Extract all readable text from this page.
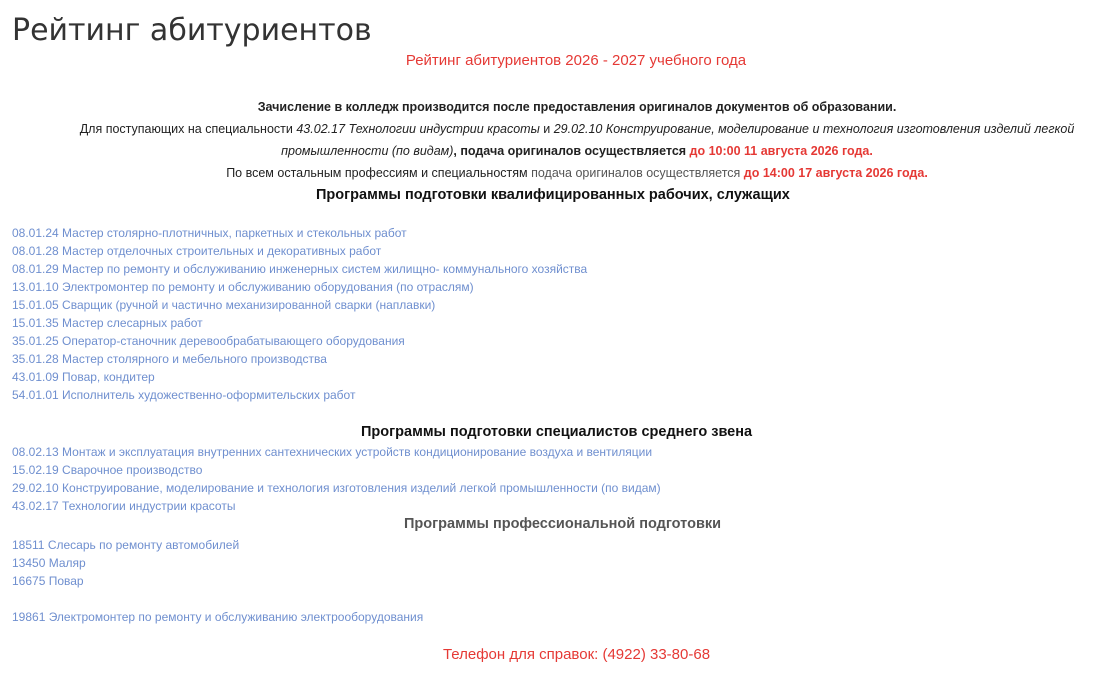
Рейтинг абитуриентов
Рейтинг абитуриентов 2026 - 2027 учебного года
Зачисление в колледж производится после предоставления оригиналов документов об образовании.
Для поступающих на специальности 43.02.17 Технологии индустрии красоты и 29.02.10 Конструирование, моделирование и технология изготовления изделий легкой промышленности (по видам), подача оригиналов осуществляется до 10:00 11 августа 2026 года.
По всем остальным профессиям и специальностям подача оригиналов осуществляется до 14:00 17 августа 2026 года.
Программы подготовки квалифицированных рабочих, служащих
08.01.24 Мастер столярно-плотничных, паркетных и стекольных работ
08.01.28 Мастер отделочных строительных и декоративных работ
08.01.29 Мастер по ремонту и обслуживанию инженерных систем жилищно- коммунального хозяйства
13.01.10 Электромонтер по ремонту и обслуживанию оборудования (по отраслям)
15.01.05 Сварщик (ручной и частично механизированной сварки (наплавки)
15.01.35 Мастер слесарных работ
35.01.25 Оператор-станочник деревообрабатывающего оборудования
35.01.28 Мастер столярного и мебельного производства
43.01.09 Повар, кондитер
54.01.01 Исполнитель художественно-оформительских работ
Программы подготовки специалистов среднего звена
08.02.13 Монтаж и эксплуатация внутренних сантехнических устройств кондиционирование воздуха и вентиляции
15.02.19 Сварочное производство
29.02.10 Конструирование, моделирование и технология изготовления изделий легкой промышленности (по видам)
43.02.17 Технологии индустрии красоты
Программы профессиональной подготовки
18511 Слесарь по ремонту автомобилей
13450 Маляр
16675 Повар
19861 Электромонтер по ремонту и обслуживанию электрооборудования
Телефон для справок: (4922) 33-80-68
